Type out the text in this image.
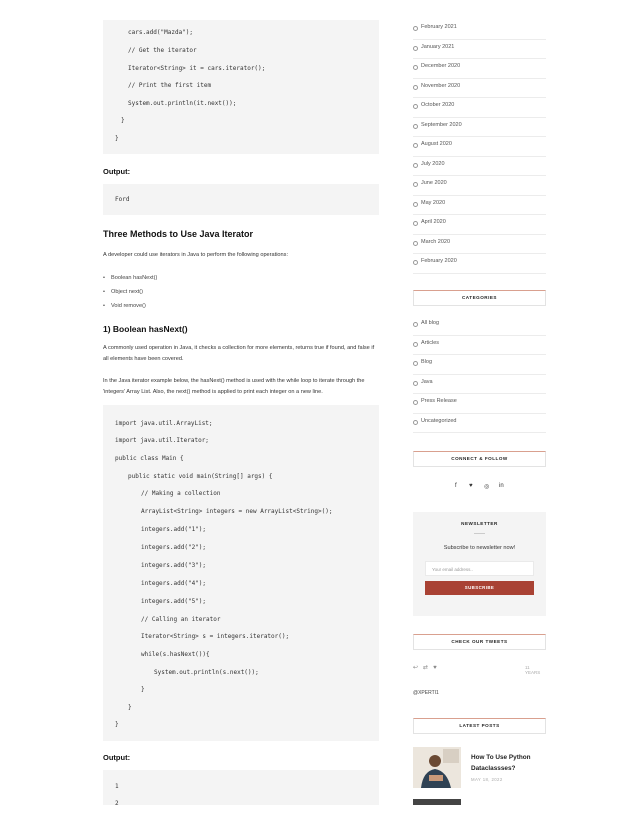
cars.add("Mazda");

// Get the iterator

Iterator<String> it = cars.iterator();

// Print the first item

System.out.println(it.next());

}

}

Output:

Ford

Three Methods to Use Java Iterator
A developer could use iterators in Java to perform the following operations:
• Boolean hasNext()
• Object next()
• Void remove()
1) Boolean hasNext()
A commonly used operation in Java, it checks a collection for more elements, returns true if found, and false if all elements have been covered.
In the Java iterator example below, the hasNext() method is used with the while loop to iterate through the 'integers' Array List. Also, the next() method is applied to print each integer on a new line.

import java.util.ArrayList;

import java.util.Iterator;

public class Main {

public static void main(String[] args) {

// Making a collection

ArrayList<String> integers = new ArrayList<String>();

integers.add("1");

integers.add("2");

integers.add("3");

integers.add("4");

integers.add("5");

// Calling an iterator

Iterator<String> s = integers.iterator();

while(s.hasNext()){

System.out.println(s.next());

}

}

}

Output:

1

2

February 2021
January 2021
December 2020
November 2020
October 2020
September 2020
August 2020
July 2020
June 2020
May 2020
April 2020
March 2020
February 2020
CATEGORIES
All blog
Articles
Blog
Java
Press Release
Uncategorized
CONNECT & FOLLOW
f ♥ ◎ in
NEWSLETTER
Subscribe to newsletter now!
Your email address..
SUBSCRIBE
CHECK OUR TWEETS
↩ ⇄ ♥	11 YEARS
@XPERTI1
LATEST POSTS
How To Use Python Dataclassses?
MAY 18, 2022
